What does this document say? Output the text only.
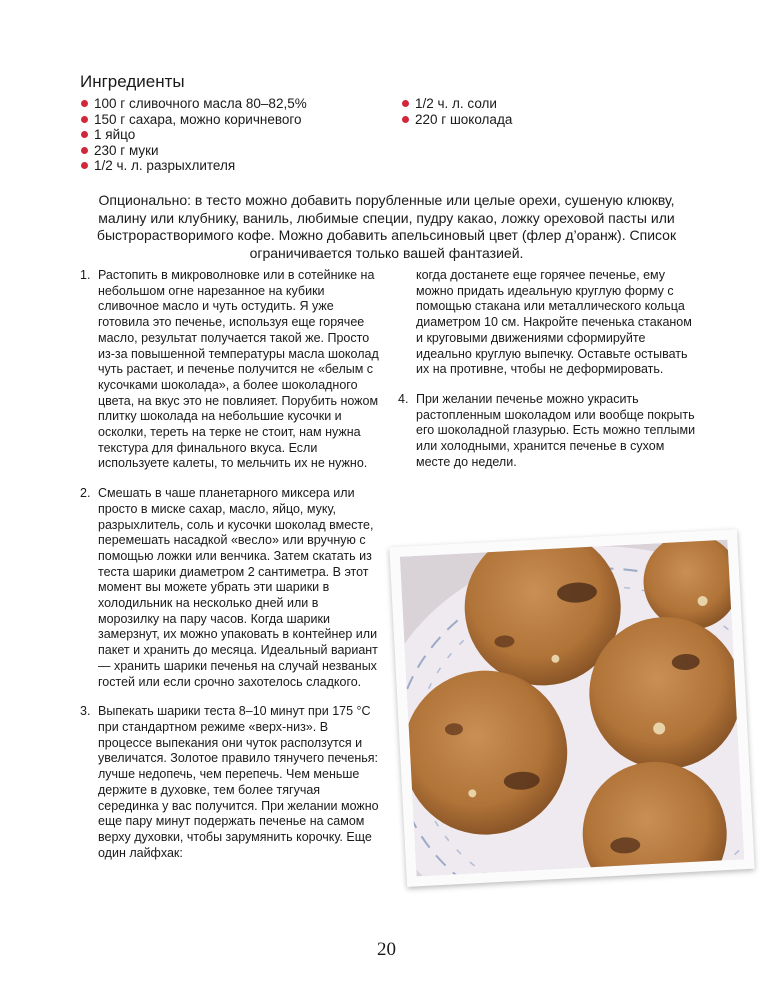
Ингредиенты
100 г сливочного масла 80–82,5%
150 г сахара, можно коричневого
1 яйцо
230 г муки
1/2 ч. л. разрыхлителя
1/2 ч. л. соли
220 г шоколада

Опционально: в тесто можно добавить порубленные или целые орехи, сушеную клюкву, малину или клубнику, ваниль, любимые специи, пудру какао, ложку ореховой пасты или быстрорастворимого кофе. Можно добавить апельсиновый цвет (флер д’оранж). Список ограничивается только вашей фантазией.

1. Растопить в микроволновке или в сотейнике на небольшом огне нарезанное на кубики сливочное масло и чуть остудить. Я уже готовила это печенье, используя еще горячее масло, результат получается такой же. Просто из-за повышенной температуры масла шоколад чуть растает, и печенье получится не «белым с кусочками шоколада», а более шоколадного цвета, на вкус это не повлияет. Порубить ножом плитку шоколада на небольшие кусочки и осколки, тереть на терке не стоит, нам нужна текстура для финального вкуса. Если используете калеты, то мельчить их не нужно.
2. Смешать в чаше планетарного миксера или просто в миске сахар, масло, яйцо, муку, разрыхлитель, соль и кусочки шоколад вместе, перемешать насадкой «весло» или вручную с помощью ложки или венчика. Затем скатать из теста шарики диаметром 2 сантиметра. В этот момент вы можете убрать эти шарики в холодильник на несколько дней или в морозилку на пару часов. Когда шарики замерзнут, их можно упаковать в контейнер или пакет и хранить до месяца. Идеальный вариант — хранить шарики печенья на случай незваных гостей или если срочно захотелось сладкого.
3. Выпекать шарики теста 8–10 минут при 175 °C при стандартном режиме «верх-низ». В процессе выпекания они чуток расползутся и увеличатся. Золотое правило тянучего печенья: лучше недопечь, чем перепечь. Чем меньше держите в духовке, тем более тягучая серединка у вас получится. При желании можно еще пару минут подержать печенье на самом верху духовки, чтобы зарумянить корочку. Еще один лайфхак:
когда достанете еще горячее печенье, ему можно придать идеальную круглую форму с помощью стакана или металлического кольца диаметром 10 см. Накройте печенька стаканом и круговыми движениями сформируйте идеально круглую выпечку. Оставьте остывать их на противне, чтобы не деформировать.
4. При желании печенье можно украсить растопленным шоколадом или вообще покрыть его шоколадной глазурью. Есть можно теплыми или холодными, хранится печенье в сухом месте до недели.
20
